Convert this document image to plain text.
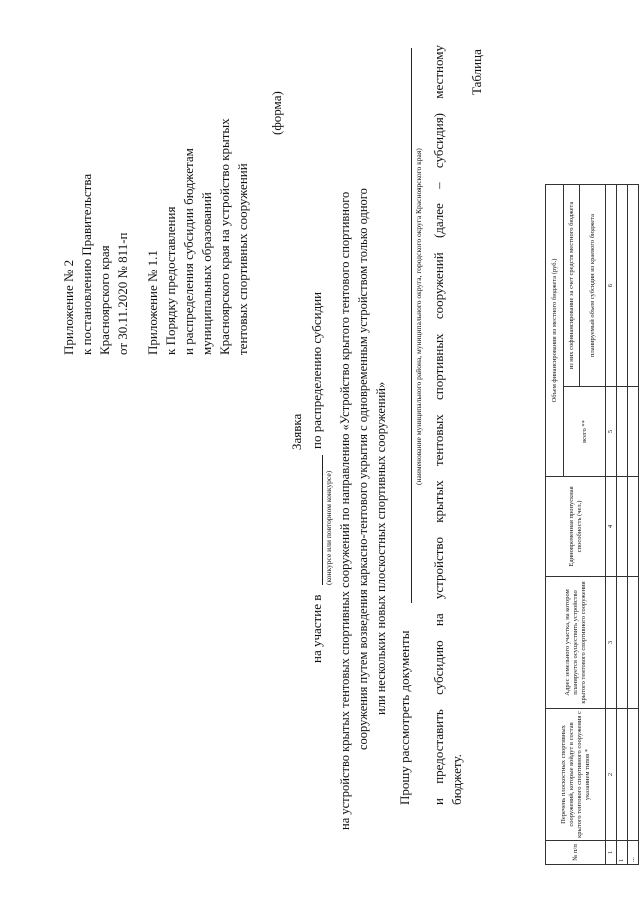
Приложение № 2 к постановлению Правительства Красноярского края от 30.11.2020 № 811-п Приложение № 1.1 к Порядку предоставления и распределения субсидии бюджетам муниципальных образований Красноярского края на устройство крытых тентовых спортивных сооружений
(форма)
Заявка
на участие в
по распределению субсидии
(конкурсе или повторном конкурсе) на устройство крытых тентовых спортивных сооружений по направлению «Устройство крытого тентового спортивного сооружения путем возведения каркасно-тентового укрытия с одновременным устройством только одного или нескольких новых плоскостных спортивных сооружений»
Прошу рассмотреть документы
(наименование муниципального района, муниципального округа, городского округа Красноярского края) и предоставить субсидию на устройство крытых тентовых спортивных сооружений (далее – субсидия) местному бюджету.
Таблица
№ п/п	Перечень плоскостных спортивных сооружений, которые войдут в состав крытого тентового спортивного сооружения с указанием типов *	Адрес земельного участка, на котором планируется осуществить устройство крытого тентового спортивного сооружения	Единовременная пропускная способность (чел.)	Объем финансирования из местного бюджета (руб.)	
				всего **	из них софинансирование за счет средств местного бюджета
					планируемый объем субсидии из краевого бюджета
1	2	3	4	5	6
1					
...					
